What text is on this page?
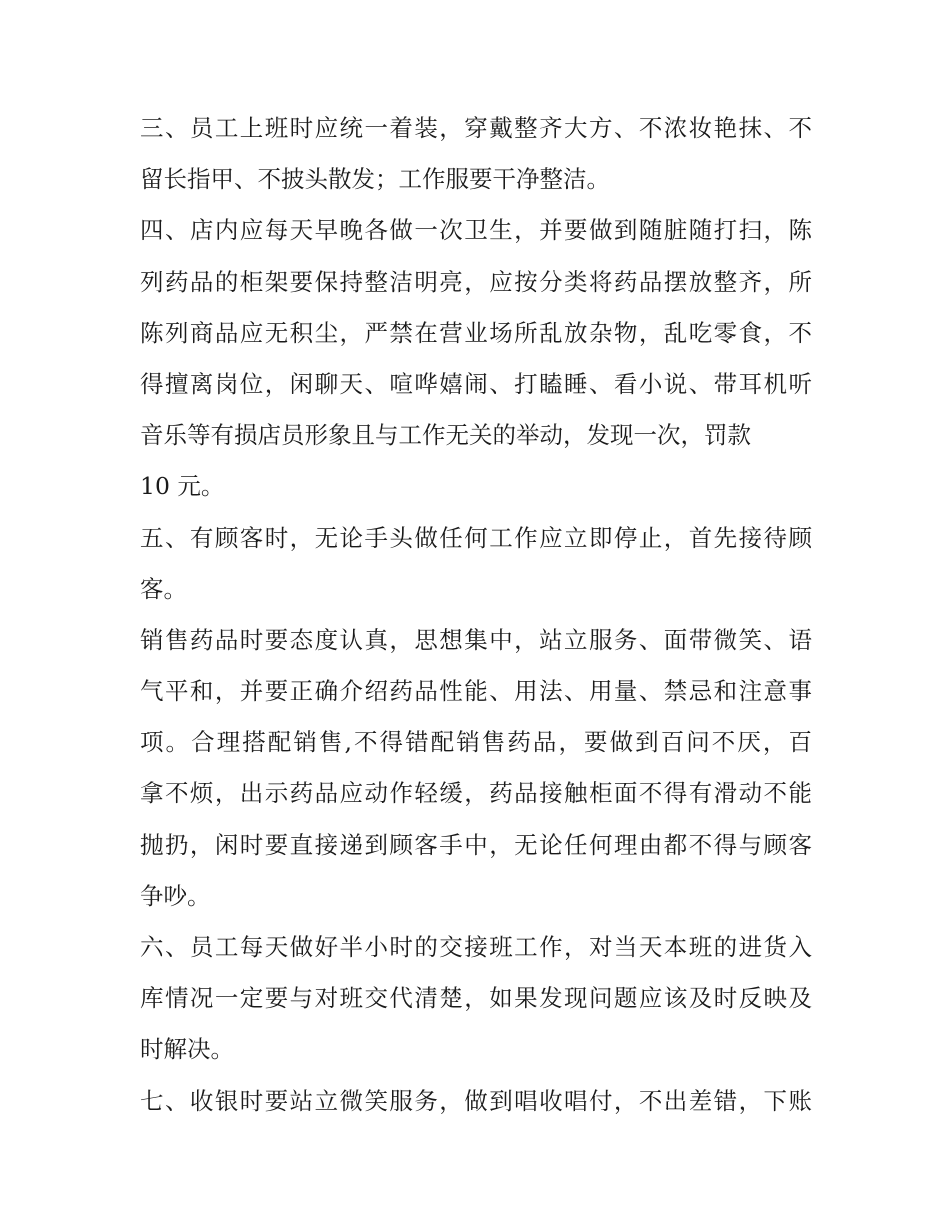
三、员工上班时应统一着装，穿戴整齐大方、不浓妆艳抹、不
留长指甲、不披头散发；工作服要干净整洁。
四、店内应每天早晚各做一次卫生，并要做到随脏随打扫，陈
列药品的柜架要保持整洁明亮，应按分类将药品摆放整齐，所
陈列商品应无积尘，严禁在营业场所乱放杂物，乱吃零食，不
得擅离岗位，闲聊天、喧哗嬉闹、打瞌睡、看小说、带耳机听
音乐等有损店员形象且与工作无关的举动，发现一次，罚款
10 元。
五、有顾客时，无论手头做任何工作应立即停止，首先接待顾
客。
销售药品时要态度认真，思想集中，站立服务、面带微笑、语
气平和，并要正确介绍药品性能、用法、用量、禁忌和注意事
项。合理搭配销售,不得错配销售药品，要做到百问不厌，百
拿不烦，出示药品应动作轻缓，药品接触柜面不得有滑动不能
抛扔，闲时要直接递到顾客手中，无论任何理由都不得与顾客
争吵。
六、员工每天做好半小时的交接班工作，对当天本班的进货入
库情况一定要与对班交代清楚，如果发现问题应该及时反映及
时解决。
七、收银时要站立微笑服务，做到唱收唱付，不出差错，下账
